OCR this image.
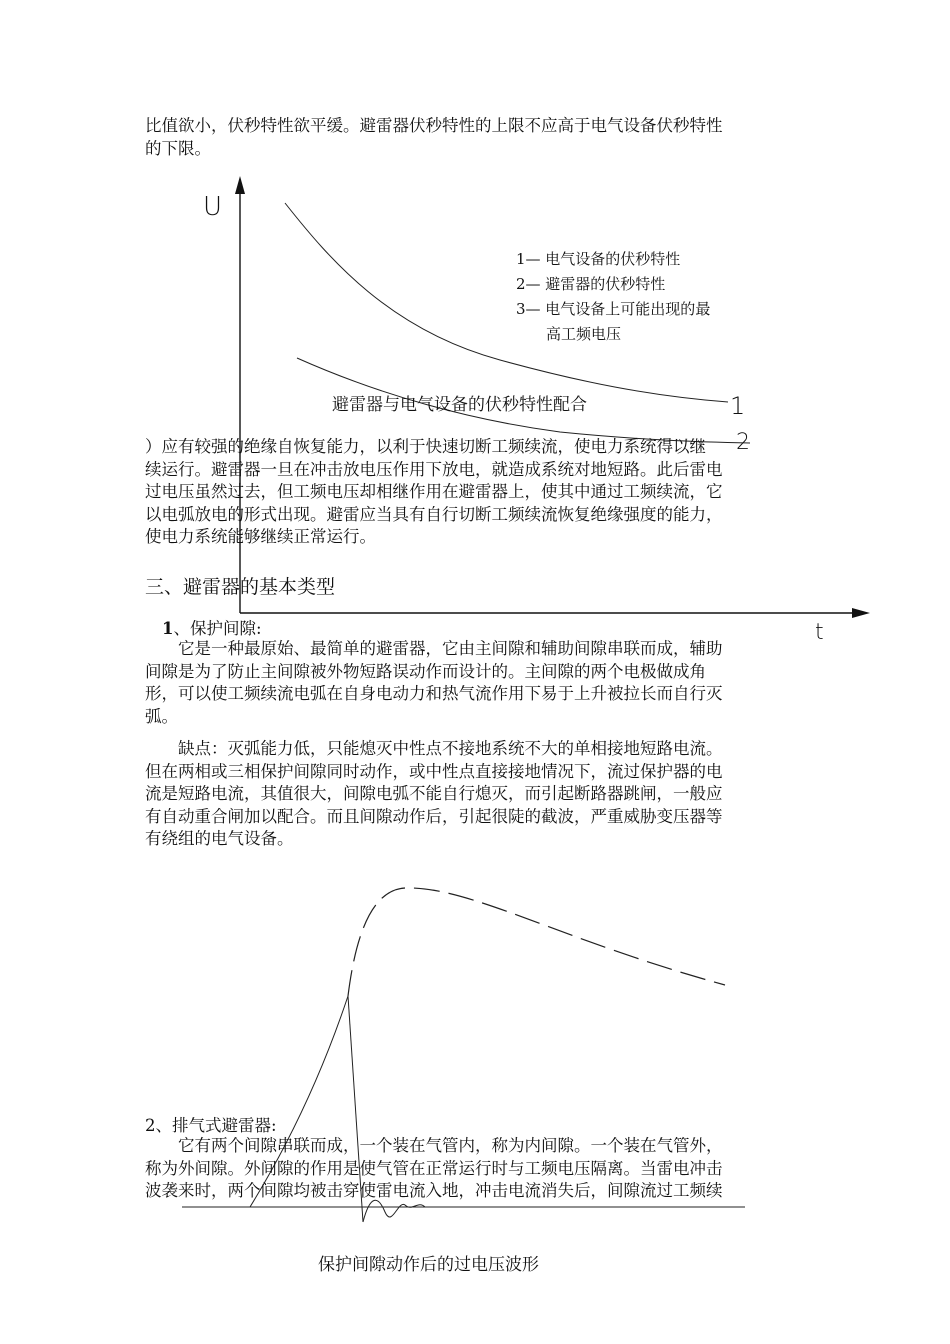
比值欲小，伏秒特性欲平缓。避雷器伏秒特性的上限不应高于电气设备伏秒特性
的下限。
U
t
1
2
1— 电气设备的伏秒特性
2— 避雷器的伏秒特性
3— 电气设备上可能出现的最
高工频电压
避雷器与电气设备的伏秒特性配合
）应有较强的绝缘自恢复能力，以利于快速切断工频续流，使电力系统得以继
续运行。避雷器一旦在冲击放电压作用下放电，就造成系统对地短路。此后雷电
过电压虽然过去，但工频电压却相继作用在避雷器上，使其中通过工频续流，它
以电弧放电的形式出现。避雷应当具有自行切断工频续流恢复绝缘强度的能力，
使电力系统能够继续正常运行。
三、避雷器的基本类型
1、保护间隙:
它是一种最原始、最简单的避雷器，它由主间隙和辅助间隙串联而成，辅助
间隙是为了防止主间隙被外物短路误动作而设计的。主间隙的两个电极做成角
形，可以使工频续流电弧在自身电动力和热气流作用下易于上升被拉长而自行灭
弧。
缺点：灭弧能力低，只能熄灭中性点不接地系统不大的单相接地短路电流。
但在两相或三相保护间隙同时动作，或中性点直接接地情况下，流过保护器的电
流是短路电流，其值很大，间隙电弧不能自行熄灭，而引起断路器跳闸，一般应
有自动重合闸加以配合。而且间隙动作后，引起很陡的截波，严重威胁变压器等
有绕组的电气设备。
2、排气式避雷器:
它有两个间隙串联而成，一个装在气管内，称为内间隙。一个装在气管外，
称为外间隙。外间隙的作用是使气管在正常运行时与工频电压隔离。当雷电冲击
波袭来时，两个间隙均被击穿使雷电流入地，冲击电流消失后，间隙流过工频续
保护间隙动作后的过电压波形
